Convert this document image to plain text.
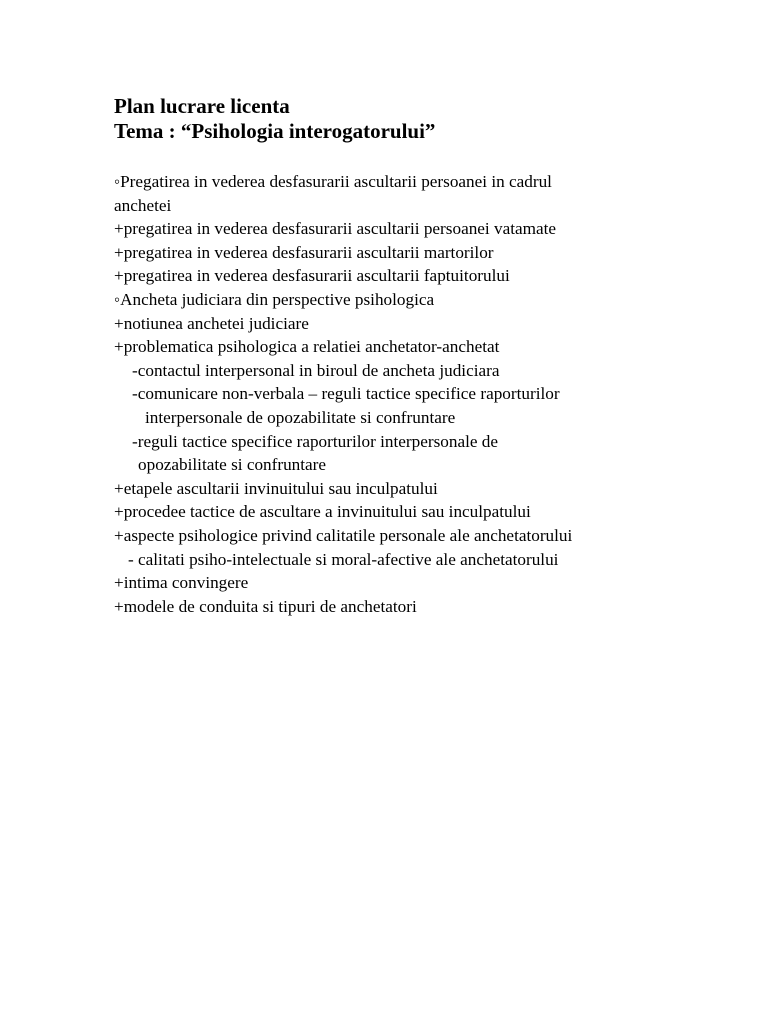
Plan lucrare licenta
Tema : “Psihologia interogatorului”
◦Pregatirea in vederea desfasurarii ascultarii persoanei in cadrul
anchetei
+pregatirea in vederea desfasurarii ascultarii persoanei vatamate
+pregatirea in vederea desfasurarii ascultarii martorilor
+pregatirea in vederea desfasurarii ascultarii faptuitorului
◦Ancheta judiciara din perspective psihologica
+notiunea anchetei judiciare
+problematica psihologica a relatiei anchetator-anchetat
-contactul interpersonal in biroul de ancheta judiciara
-comunicare non-verbala – reguli tactice specifice raporturilor
interpersonale de opozabilitate si confruntare
-reguli tactice specifice raporturilor interpersonale de
opozabilitate si confruntare
+etapele ascultarii invinuitului sau inculpatului
+procedee tactice de ascultare a invinuitului sau inculpatului
+aspecte psihologice privind calitatile personale ale anchetatorului
- calitati psiho-intelectuale si moral-afective ale anchetatorului
+intima convingere
+modele de conduita si tipuri de anchetatori
